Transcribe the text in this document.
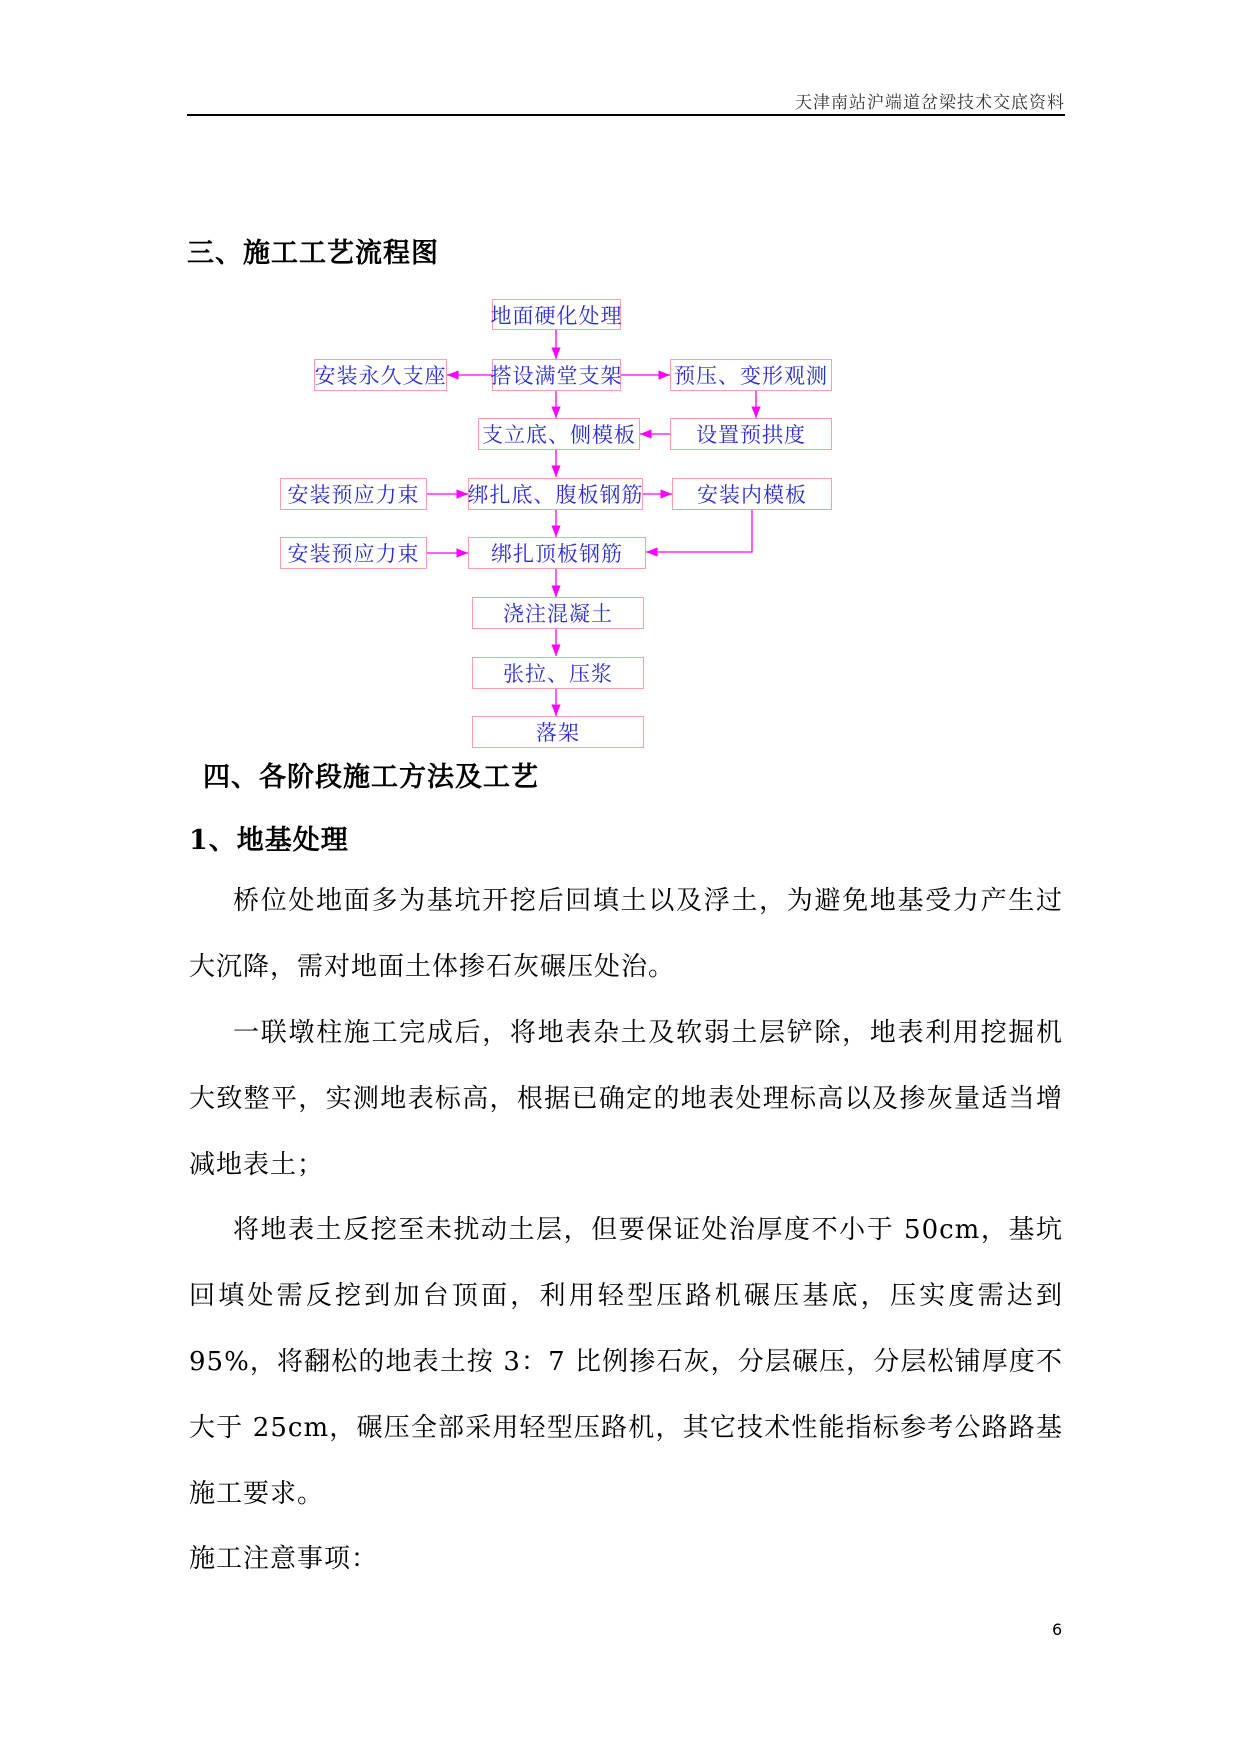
天津南站沪端道岔梁技术交底资料
三、施工工艺流程图
地面硬化处理
安装永久支座 搭设满堂支架 预压、变形观测
支立底、侧模板	设置预拱度
安装预应力束	绑扎底、腹板钢筋	安装内模板
安装预应力束	绑扎顶板钢筋
浇注混凝土
张拉、压浆
落架
四、各阶段施工方法及工艺
1、地基处理
桥位处地面多为基坑开挖后回填土以及浮土，为避免地基受力产生过大沉降，需对地面土体掺石灰碾压处治。
一联墩柱施工完成后，将地表杂土及软弱土层铲除，地表利用挖掘机大致整平，实测地表标高，根据已确定的地表处理标高以及掺灰量适当增减地表土；
将地表土反挖至未扰动土层，但要保证处治厚度不小于 50cm，基坑回填处需反挖到加台顶面，利用轻型压路机碾压基底，压实度需达到 95%，将翻松的地表土按 3：7 比例掺石灰，分层碾压，分层松铺厚度不大于 25cm，碾压全部采用轻型压路机，其它技术性能指标参考公路路基施工要求。
施工注意事项：
6
